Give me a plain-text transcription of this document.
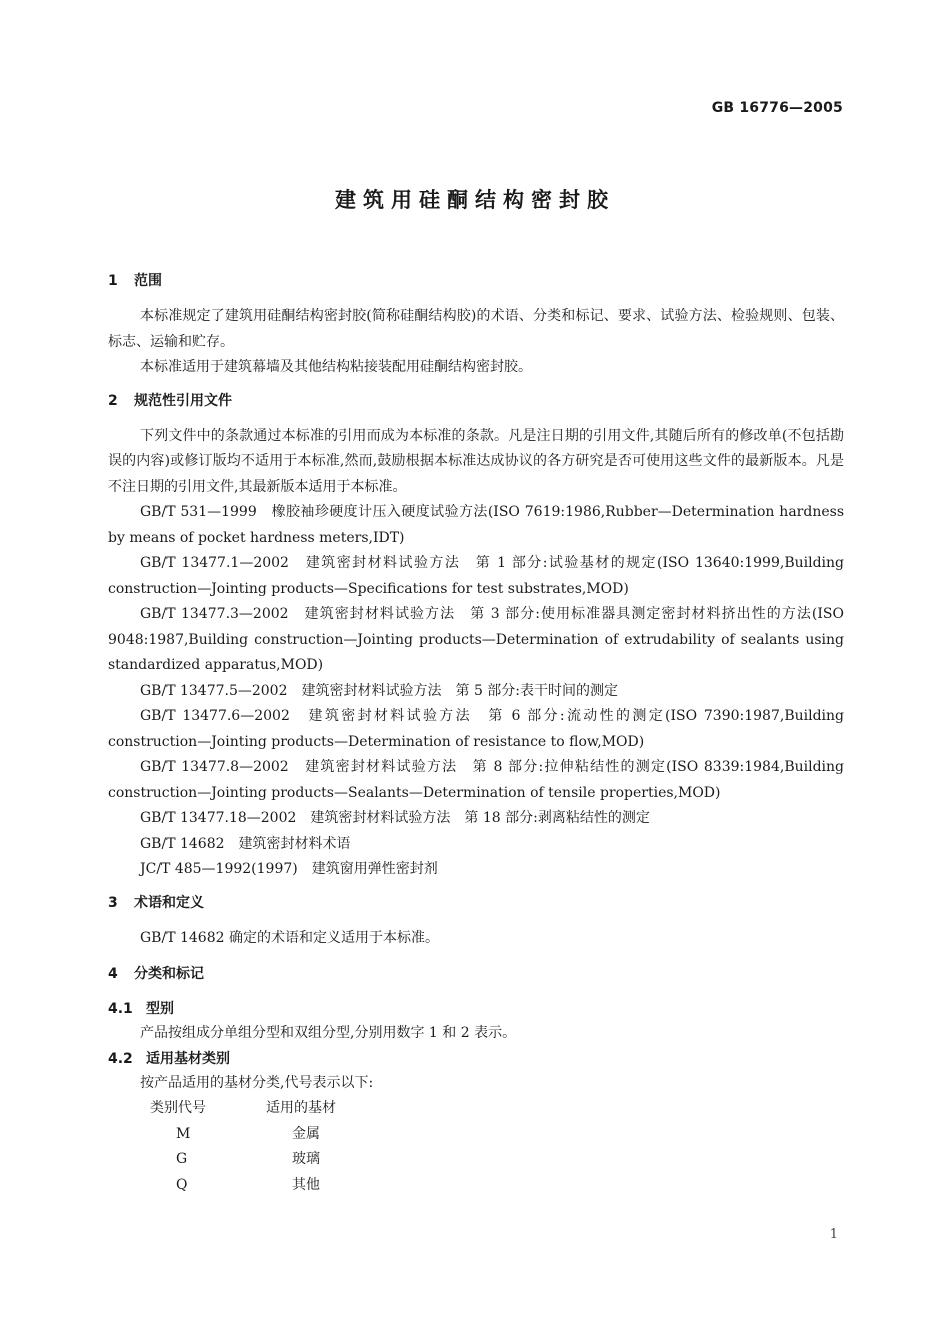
GB 16776—2005
建筑用硅酮结构密封胶
1 范围

本标准规定了建筑用硅酮结构密封胶(简称硅酮结构胶)的术语、分类和标记、要求、试验方法、检验规则、包装、标志、运输和贮存。

本标准适用于建筑幕墙及其他结构粘接装配用硅酮结构密封胶。

2 规范性引用文件

下列文件中的条款通过本标准的引用而成为本标准的条款。凡是注日期的引用文件,其随后所有的修改单(不包括勘误的内容)或修订版均不适用于本标准,然而,鼓励根据本标准达成协议的各方研究是否可使用这些文件的最新版本。凡是不注日期的引用文件,其最新版本适用于本标准。

GB/T 531—1999　橡胶袖珍硬度计压入硬度试验方法(ISO 7619:1986,Rubber—Determination hardness by means of pocket hardness meters,IDT)

GB/T 13477.1—2002　建筑密封材料试验方法　第 1 部分:试验基材的规定(ISO 13640:1999,Building construction—Jointing products—Specifications for test substrates,MOD)

GB/T 13477.3—2002　建筑密封材料试验方法　第 3 部分:使用标准器具测定密封材料挤出性的方法(ISO 9048:1987,Building construction—Jointing products—Determination of extrudability of sealants using standardized apparatus,MOD)

GB/T 13477.5—2002　建筑密封材料试验方法　第 5 部分:表干时间的测定

GB/T 13477.6—2002　建筑密封材料试验方法　第 6 部分:流动性的测定(ISO 7390:1987,Building construction—Jointing products—Determination of resistance to flow,MOD)

GB/T 13477.8—2002　建筑密封材料试验方法　第 8 部分:拉伸粘结性的测定(ISO 8339:1984,Building construction—Jointing products—Sealants—Determination of tensile properties,MOD)

GB/T 13477.18—2002　建筑密封材料试验方法　第 18 部分:剥离粘结性的测定

GB/T 14682　建筑密封材料术语

JC/T 485—1992(1997)　建筑窗用弹性密封剂

3 术语和定义

GB/T 14682 确定的术语和定义适用于本标准。

4 分类和标记
4.1 型别

产品按组成分单组分型和双组分型,分别用数字 1 和 2 表示。

4.2 适用基材类别

按产品适用的基材分类,代号表示以下:

类别代号	适用的基材
M	金属
G	玻璃
Q	其他
1
